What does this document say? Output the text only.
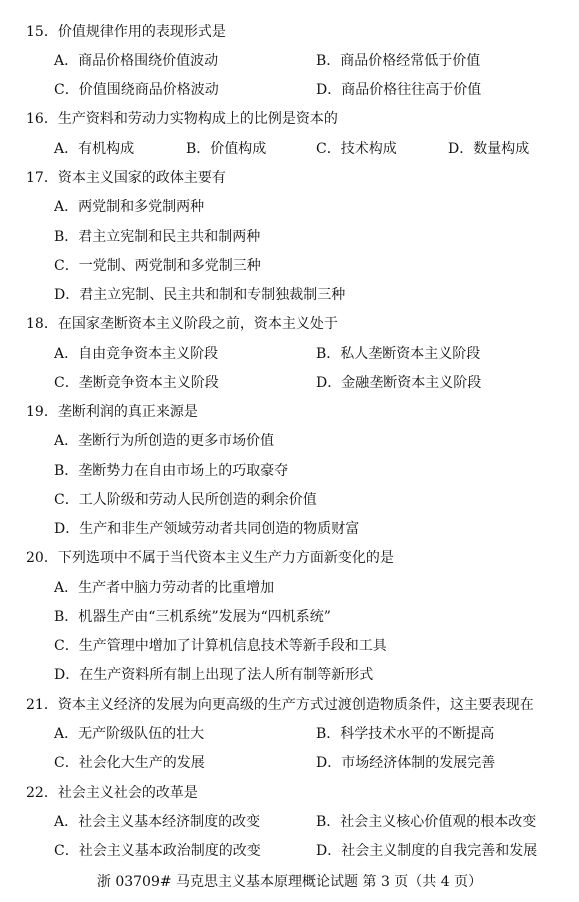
15．价值规律作用的表现形式是
A．商品价格围绕价值波动	B．商品价格经常低于价值
C．价值围绕商品价格波动	D．商品价格往往高于价值
16．生产资料和劳动力实物构成上的比例是资本的
A．有机构成	B．价值构成	C．技术构成	D．数量构成
17．资本主义国家的政体主要有
A．两党制和多党制两种
B．君主立宪制和民主共和制两种
C．一党制、两党制和多党制三种
D．君主立宪制、民主共和制和专制独裁制三种
18．在国家垄断资本主义阶段之前，资本主义处于
A．自由竞争资本主义阶段	B．私人垄断资本主义阶段
C．垄断竞争资本主义阶段	D．金融垄断资本主义阶段
19．垄断利润的真正来源是
A．垄断行为所创造的更多市场价值
B．垄断势力在自由市场上的巧取豪夺
C．工人阶级和劳动人民所创造的剩余价值
D．生产和非生产领域劳动者共同创造的物质财富
20．下列选项中不属于当代资本主义生产力方面新变化的是
A．生产者中脑力劳动者的比重增加
B．机器生产由“三机系统”发展为“四机系统”
C．生产管理中增加了计算机信息技术等新手段和工具
D．在生产资料所有制上出现了法人所有制等新形式
21．资本主义经济的发展为向更高级的生产方式过渡创造物质条件，这主要表现在
A．无产阶级队伍的壮大	B．科学技术水平的不断提高
C．社会化大生产的发展	D．市场经济体制的发展完善
22．社会主义社会的改革是
A．社会主义基本经济制度的改变	B．社会主义核心价值观的根本改变
C．社会主义基本政治制度的改变	D．社会主义制度的自我完善和发展
浙 03709# 马克思主义基本原理概论试题 第 3 页（共 4 页）
